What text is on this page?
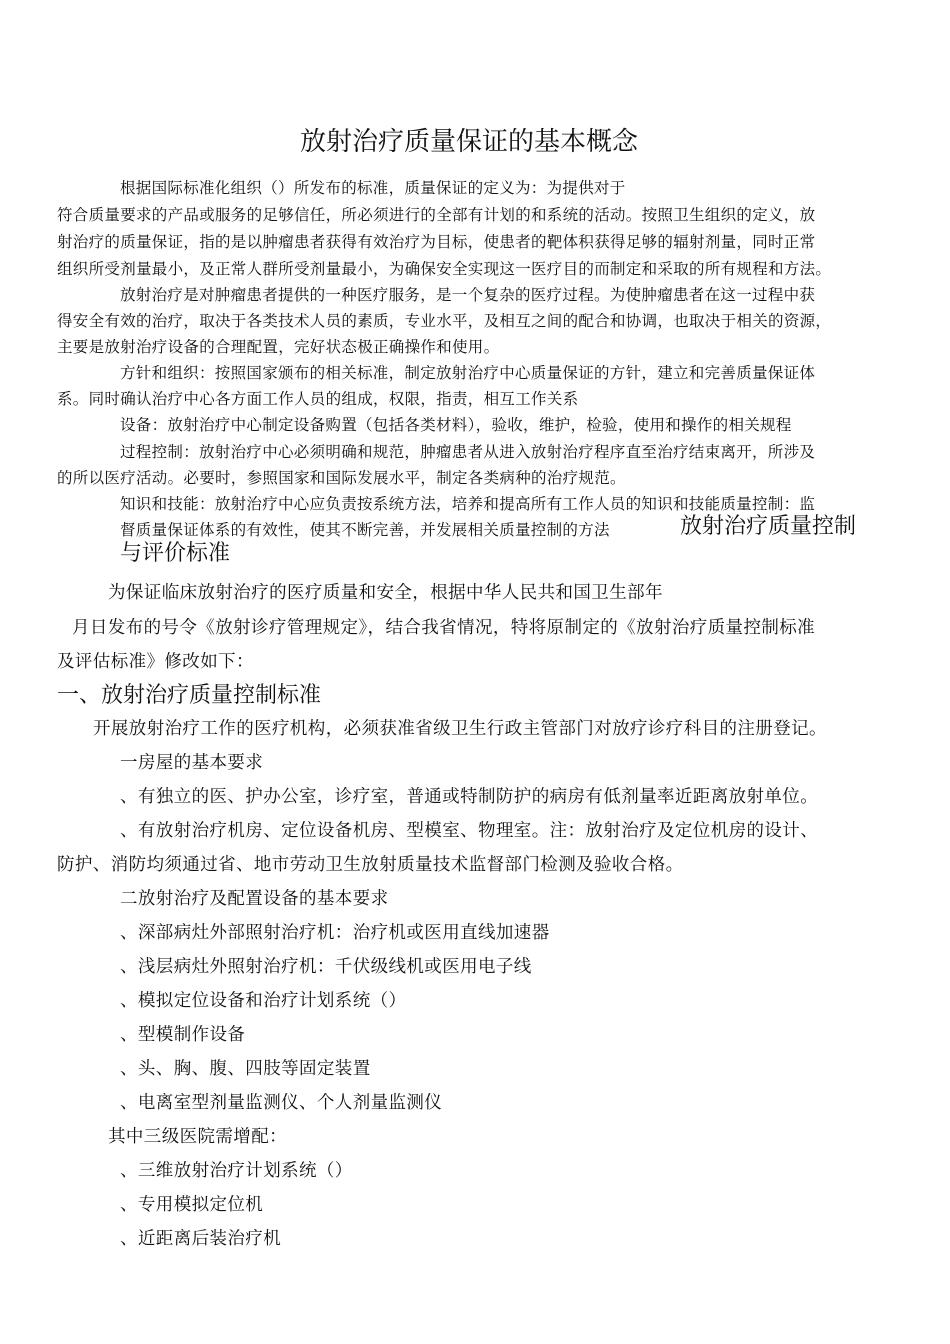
放射治疗质量保证的基本概念
根据国际标准化组织（）所发布的标准，质量保证的定义为：为提供对于
符合质量要求的产品或服务的足够信任，所必须进行的全部有计划的和系统的活动。按照卫生组织的定义，放
射治疗的质量保证，指的是以肿瘤患者获得有效治疗为目标，使患者的靶体积获得足够的辐射剂量，同时正常
组织所受剂量最小，及正常人群所受剂量最小，为确保安全实现这一医疗目的而制定和采取的所有规程和方法。
放射治疗是对肿瘤患者提供的一种医疗服务，是一个复杂的医疗过程。为使肿瘤患者在这一过程中获
得安全有效的治疗，取决于各类技术人员的素质，专业水平，及相互之间的配合和协调，也取决于相关的资源，
主要是放射治疗设备的合理配置，完好状态极正确操作和使用。
方针和组织：按照国家颁布的相关标准，制定放射治疗中心质量保证的方针，建立和完善质量保证体
系。同时确认治疗中心各方面工作人员的组成，权限，指责，相互工作关系
设备：放射治疗中心制定设备购置（包括各类材料），验收，维护，检验，使用和操作的相关规程
过程控制：放射治疗中心必须明确和规范，肿瘤患者从进入放射治疗程序直至治疗结束离开，所涉及
的所以医疗活动。必要时，参照国家和国际发展水平，制定各类病种的治疗规范。
知识和技能：放射治疗中心应负责按系统方法，培养和提高所有工作人员的知识和技能质量控制：监
督质量保证体系的有效性，使其不断完善，并发展相关质量控制的方法	放射治疗质量控制
与评价标准
为保证临床放射治疗的医疗质量和安全，根据中华人民共和国卫生部年
月日发布的号令《放射诊疗管理规定》，结合我省情况，特将原制定的《放射治疗质量控制标准
及评估标准》修改如下：
一、放射治疗质量控制标准
开展放射治疗工作的医疗机构，必须获准省级卫生行政主管部门对放疗诊疗科目的注册登记。
一房屋的基本要求
、有独立的医、护办公室，诊疗室，普通或特制防护的病房有低剂量率近距离放射单位。
、有放射治疗机房、定位设备机房、型模室、物理室。注：放射治疗及定位机房的设计、
防护、消防均须通过省、地市劳动卫生放射质量技术监督部门检测及验收合格。
二放射治疗及配置设备的基本要求
、深部病灶外部照射治疗机：治疗机或医用直线加速器
、浅层病灶外照射治疗机：千伏级线机或医用电子线
、模拟定位设备和治疗计划系统（）
、型模制作设备
、头、胸、腹、四肢等固定装置
、电离室型剂量监测仪、个人剂量监测仪
其中三级医院需增配：
、三维放射治疗计划系统（）
、专用模拟定位机
、近距离后装治疗机
